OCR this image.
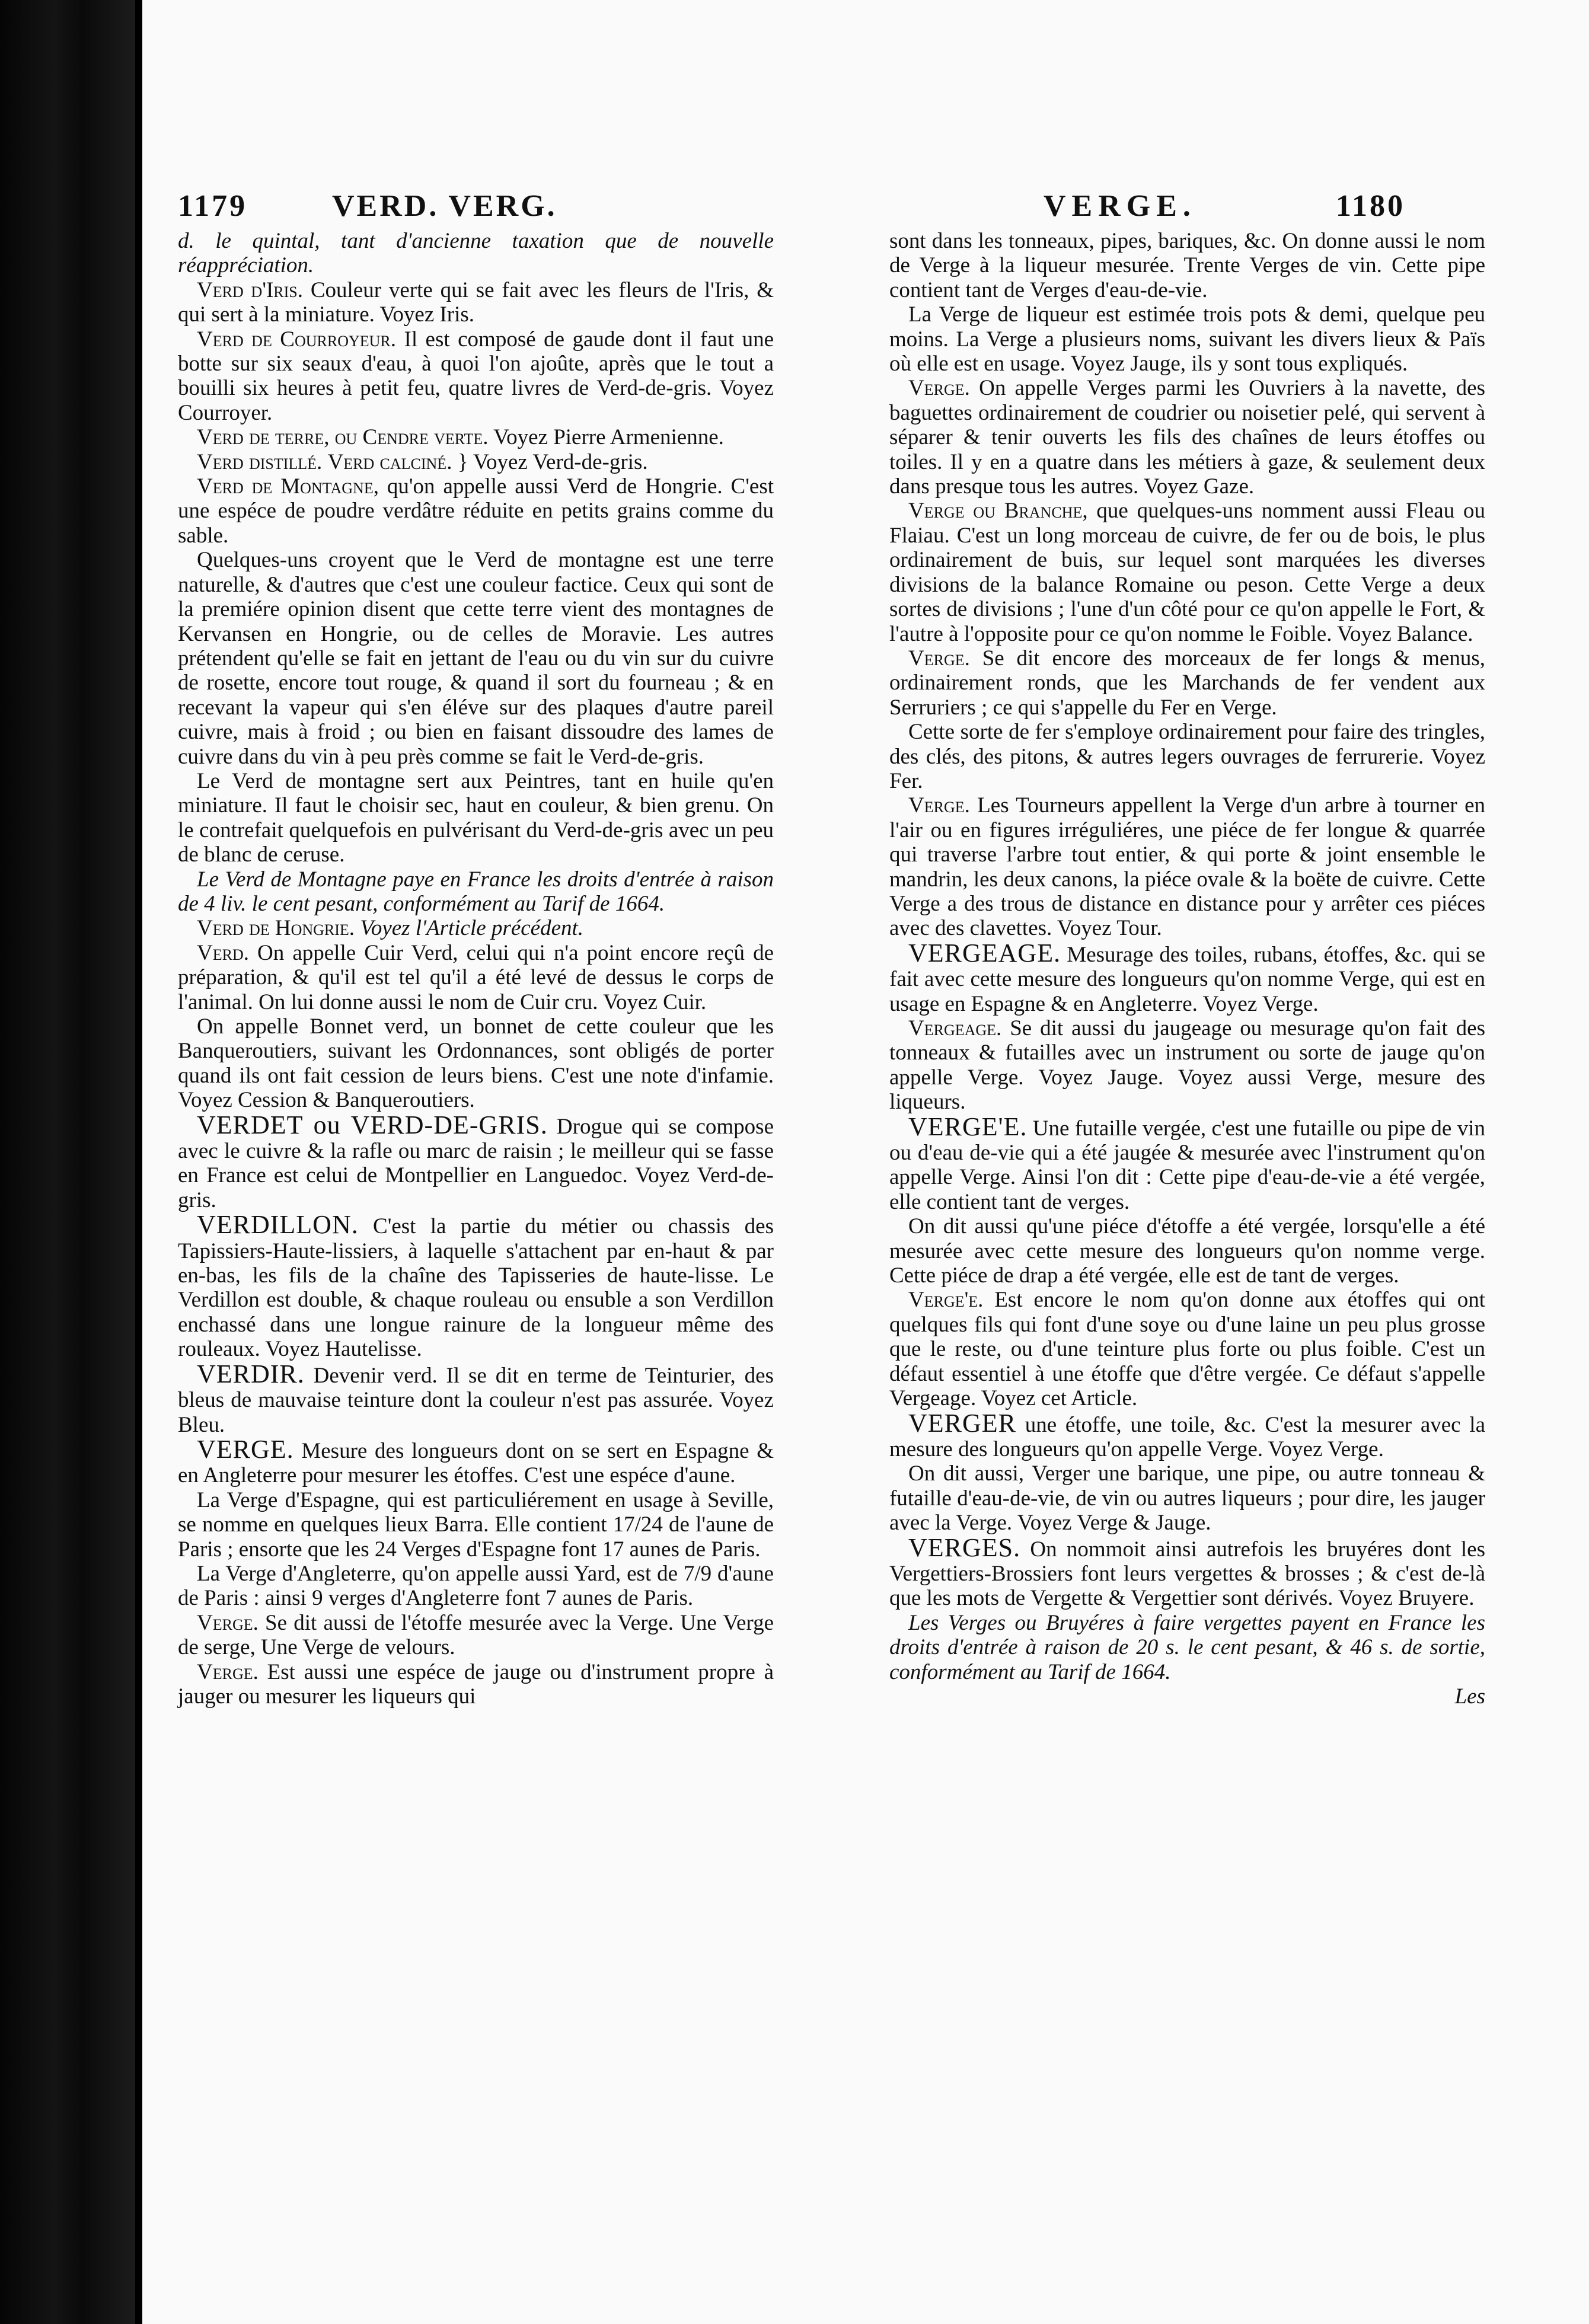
1179	VERD. VERG.	VERGE.	1180

d. le quintal, tant d'ancienne taxation que de nouvelle réappréciation.

Verd d'Iris. Couleur verte qui se fait avec les fleurs de l'Iris, & qui sert à la miniature. Voyez Iris.

Verd de Courroyeur. Il est composé de gaude dont il faut une botte sur six seaux d'eau, à quoi l'on ajoûte, après que le tout a bouilli six heures à petit feu, quatre livres de Verd-de-gris. Voyez Courroyer.

Verd de terre, ou Cendre verte. Voyez Pierre Armenienne.

Verd distillé. Verd calciné. } Voyez Verd-de-gris.

Verd de Montagne, qu'on appelle aussi Verd de Hongrie. C'est une espéce de poudre verdâtre réduite en petits grains comme du sable.

Quelques-uns croyent que le Verd de montagne est une terre naturelle, & d'autres que c'est une couleur factice. Ceux qui sont de la premiére opinion disent que cette terre vient des montagnes de Kervansen en Hongrie, ou de celles de Moravie. Les autres prétendent qu'elle se fait en jettant de l'eau ou du vin sur du cuivre de rosette, encore tout rouge, & quand il sort du fourneau ; & en recevant la vapeur qui s'en éléve sur des plaques d'autre pareil cuivre, mais à froid ; ou bien en faisant dissoudre des lames de cuivre dans du vin à peu près comme se fait le Verd-de-gris.

Le Verd de montagne sert aux Peintres, tant en huile qu'en miniature. Il faut le choisir sec, haut en couleur, & bien grenu. On le contrefait quelquefois en pulvérisant du Verd-de-gris avec un peu de blanc de ceruse.

Le Verd de Montagne paye en France les droits d'entrée à raison de 4 liv. le cent pesant, conformément au Tarif de 1664.

Verd de Hongrie. Voyez l'Article précédent.

Verd. On appelle Cuir Verd, celui qui n'a point encore reçû de préparation, & qu'il est tel qu'il a été levé de dessus le corps de l'animal. On lui donne aussi le nom de Cuir cru. Voyez Cuir.

On appelle Bonnet verd, un bonnet de cette couleur que les Banqueroutiers, suivant les Ordonnances, sont obligés de porter quand ils ont fait cession de leurs biens. C'est une note d'infamie. Voyez Cession & Banqueroutiers.

VERDET ou VERD-DE-GRIS. Drogue qui se compose avec le cuivre & la rafle ou marc de raisin ; le meilleur qui se fasse en France est celui de Montpellier en Languedoc. Voyez Verd-de-gris.

VERDILLON. C'est la partie du métier ou chassis des Tapissiers-Haute-lissiers, à laquelle s'attachent par en-haut & par en-bas, les fils de la chaîne des Tapisseries de haute-lisse. Le Verdillon est double, & chaque rouleau ou ensuble a son Verdillon enchassé dans une longue rainure de la longueur même des rouleaux. Voyez Hautelisse.

VERDIR. Devenir verd. Il se dit en terme de Teinturier, des bleus de mauvaise teinture dont la couleur n'est pas assurée. Voyez Bleu.

VERGE. Mesure des longueurs dont on se sert en Espagne & en Angleterre pour mesurer les étoffes. C'est une espéce d'aune.

La Verge d'Espagne, qui est particuliérement en usage à Seville, se nomme en quelques lieux Barra. Elle contient 17/24 de l'aune de Paris ; ensorte que les 24 Verges d'Espagne font 17 aunes de Paris.

La Verge d'Angleterre, qu'on appelle aussi Yard, est de 7/9 d'aune de Paris : ainsi 9 verges d'Angleterre font 7 aunes de Paris.

Verge. Se dit aussi de l'étoffe mesurée avec la Verge. Une Verge de serge, Une Verge de velours.

Verge. Est aussi une espéce de jauge ou d'instrument propre à jauger ou mesurer les liqueurs qui

sont dans les tonneaux, pipes, bariques, &c. On donne aussi le nom de Verge à la liqueur mesurée. Trente Verges de vin. Cette pipe contient tant de Verges d'eau-de-vie.

La Verge de liqueur est estimée trois pots & demi, quelque peu moins. La Verge a plusieurs noms, suivant les divers lieux & Païs où elle est en usage. Voyez Jauge, ils y sont tous expliqués.

Verge. On appelle Verges parmi les Ouvriers à la navette, des baguettes ordinairement de coudrier ou noisetier pelé, qui servent à séparer & tenir ouverts les fils des chaînes de leurs étoffes ou toiles. Il y en a quatre dans les métiers à gaze, & seulement deux dans presque tous les autres. Voyez Gaze.

Verge ou Branche, que quelques-uns nomment aussi Fleau ou Flaiau. C'est un long morceau de cuivre, de fer ou de bois, le plus ordinairement de buis, sur lequel sont marquées les diverses divisions de la balance Romaine ou peson. Cette Verge a deux sortes de divisions ; l'une d'un côté pour ce qu'on appelle le Fort, & l'autre à l'opposite pour ce qu'on nomme le Foible. Voyez Balance.

Verge. Se dit encore des morceaux de fer longs & menus, ordinairement ronds, que les Marchands de fer vendent aux Serruriers ; ce qui s'appelle du Fer en Verge.

Cette sorte de fer s'employe ordinairement pour faire des tringles, des clés, des pitons, & autres legers ouvrages de ferrurerie. Voyez Fer.

Verge. Les Tourneurs appellent la Verge d'un arbre à tourner en l'air ou en figures irréguliéres, une piéce de fer longue & quarrée qui traverse l'arbre tout entier, & qui porte & joint ensemble le mandrin, les deux canons, la piéce ovale & la boëte de cuivre. Cette Verge a des trous de distance en distance pour y arrêter ces piéces avec des clavettes. Voyez Tour.

VERGEAGE. Mesurage des toiles, rubans, étoffes, &c. qui se fait avec cette mesure des longueurs qu'on nomme Verge, qui est en usage en Espagne & en Angleterre. Voyez Verge.

Vergeage. Se dit aussi du jaugeage ou mesurage qu'on fait des tonneaux & futailles avec un instrument ou sorte de jauge qu'on appelle Verge. Voyez Jauge. Voyez aussi Verge, mesure des liqueurs.

VERGE'E. Une futaille vergée, c'est une futaille ou pipe de vin ou d'eau de-vie qui a été jaugée & mesurée avec l'instrument qu'on appelle Verge. Ainsi l'on dit : Cette pipe d'eau-de-vie a été vergée, elle contient tant de verges.

On dit aussi qu'une piéce d'étoffe a été vergée, lorsqu'elle a été mesurée avec cette mesure des longueurs qu'on nomme verge. Cette piéce de drap a été vergée, elle est de tant de verges.

Verge'e. Est encore le nom qu'on donne aux étoffes qui ont quelques fils qui font d'une soye ou d'une laine un peu plus grosse que le reste, ou d'une teinture plus forte ou plus foible. C'est un défaut essentiel à une étoffe que d'être vergée. Ce défaut s'appelle Vergeage. Voyez cet Article.

VERGER une étoffe, une toile, &c. C'est la mesurer avec la mesure des longueurs qu'on appelle Verge. Voyez Verge.

On dit aussi, Verger une barique, une pipe, ou autre tonneau & futaille d'eau-de-vie, de vin ou autres liqueurs ; pour dire, les jauger avec la Verge. Voyez Verge & Jauge.

VERGES. On nommoit ainsi autrefois les bruyéres dont les Vergettiers-Brossiers font leurs vergettes & brosses ; & c'est de-là que les mots de Vergette & Vergettier sont dérivés. Voyez Bruyere.

Les Verges ou Bruyéres à faire vergettes payent en France les droits d'entrée à raison de 20 s. le cent pesant, & 46 s. de sortie, conformément au Tarif de 1664.

Les
